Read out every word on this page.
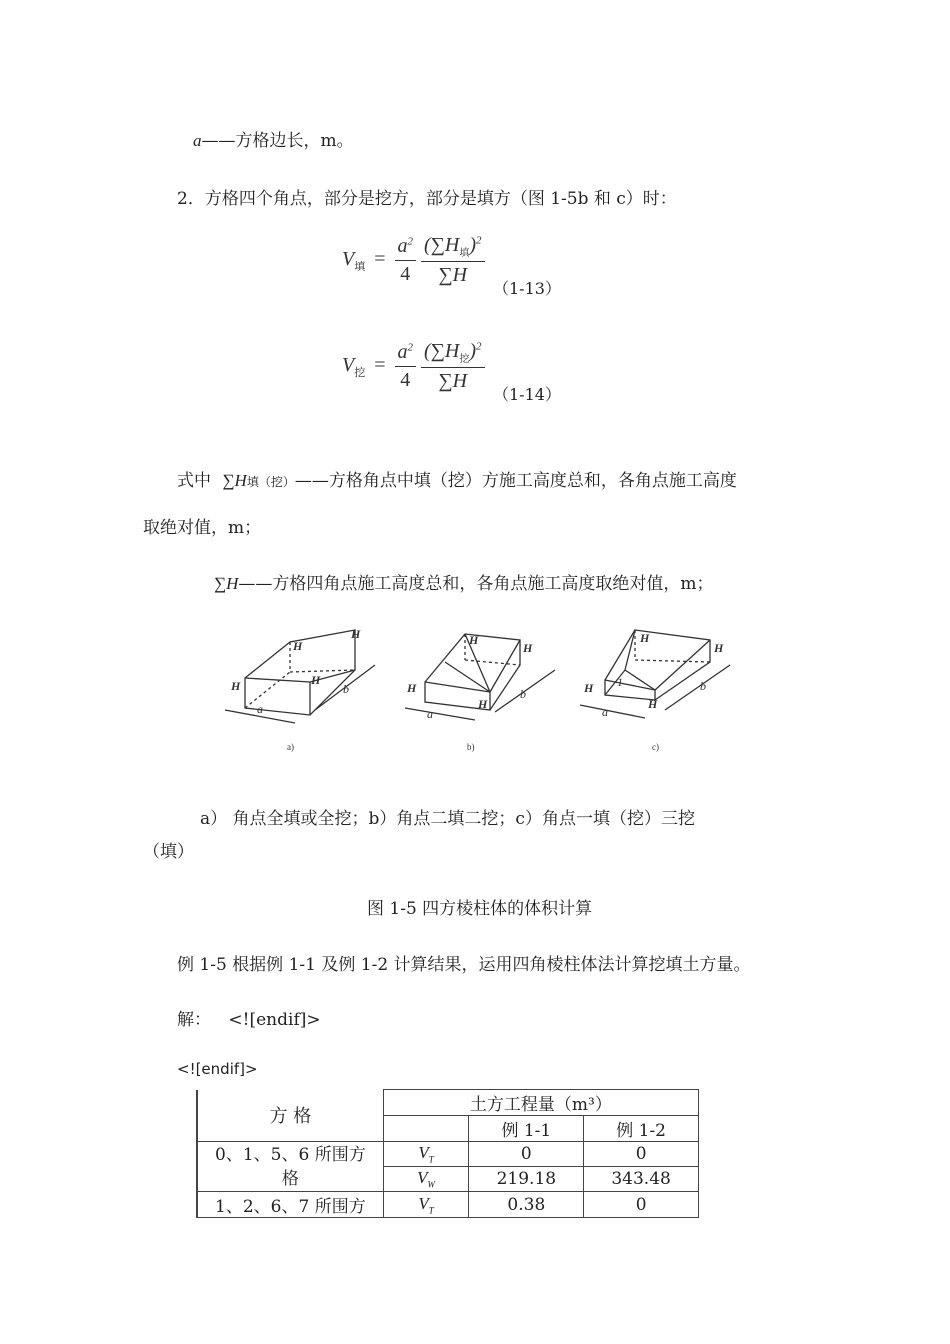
a——方格边长，m。
2．方格四个角点，部分是挖方，部分是填方（图 1-5b 和 c）时：
$V_填 = \frac{a^2}{4}$
$\frac{(\sum H_填)^2}{\sum H}$
（1-13）
$V_挖 = \frac{a^2}{4}$
$\frac{(\sum H_挖)^2}{\sum H}$
（1-14）
式中 ∑H填（挖）——方格角点中填（挖）方施工高度总和，各角点施工高度
取绝对值，m；
∑H——方格四角点施工高度总和，各角点施工高度取绝对值，m；
H
H
H	H
a
b
a)
H
H
H
H
a
b
b)
H
H
H
H
1
a
b
c)
a） 角点全填或全挖；b）角点二填二挖；c）角点一填（挖）三挖
（填）
图 1-5 四方棱柱体的体积计算
例 1-5 根据例 1-1 及例 1-2 计算结果，运用四角棱柱体法计算挖填土方量。
解： <![endif]>
<![endif]>
方 格	土方工程量（m³）		
		例 1-1	例 1-2

0、1、5、6 所围方
格	$V_T$	0	0
	$V_W$	219.18	343.48
1、2、6、7 所围方	$V_T$	0.38	0
